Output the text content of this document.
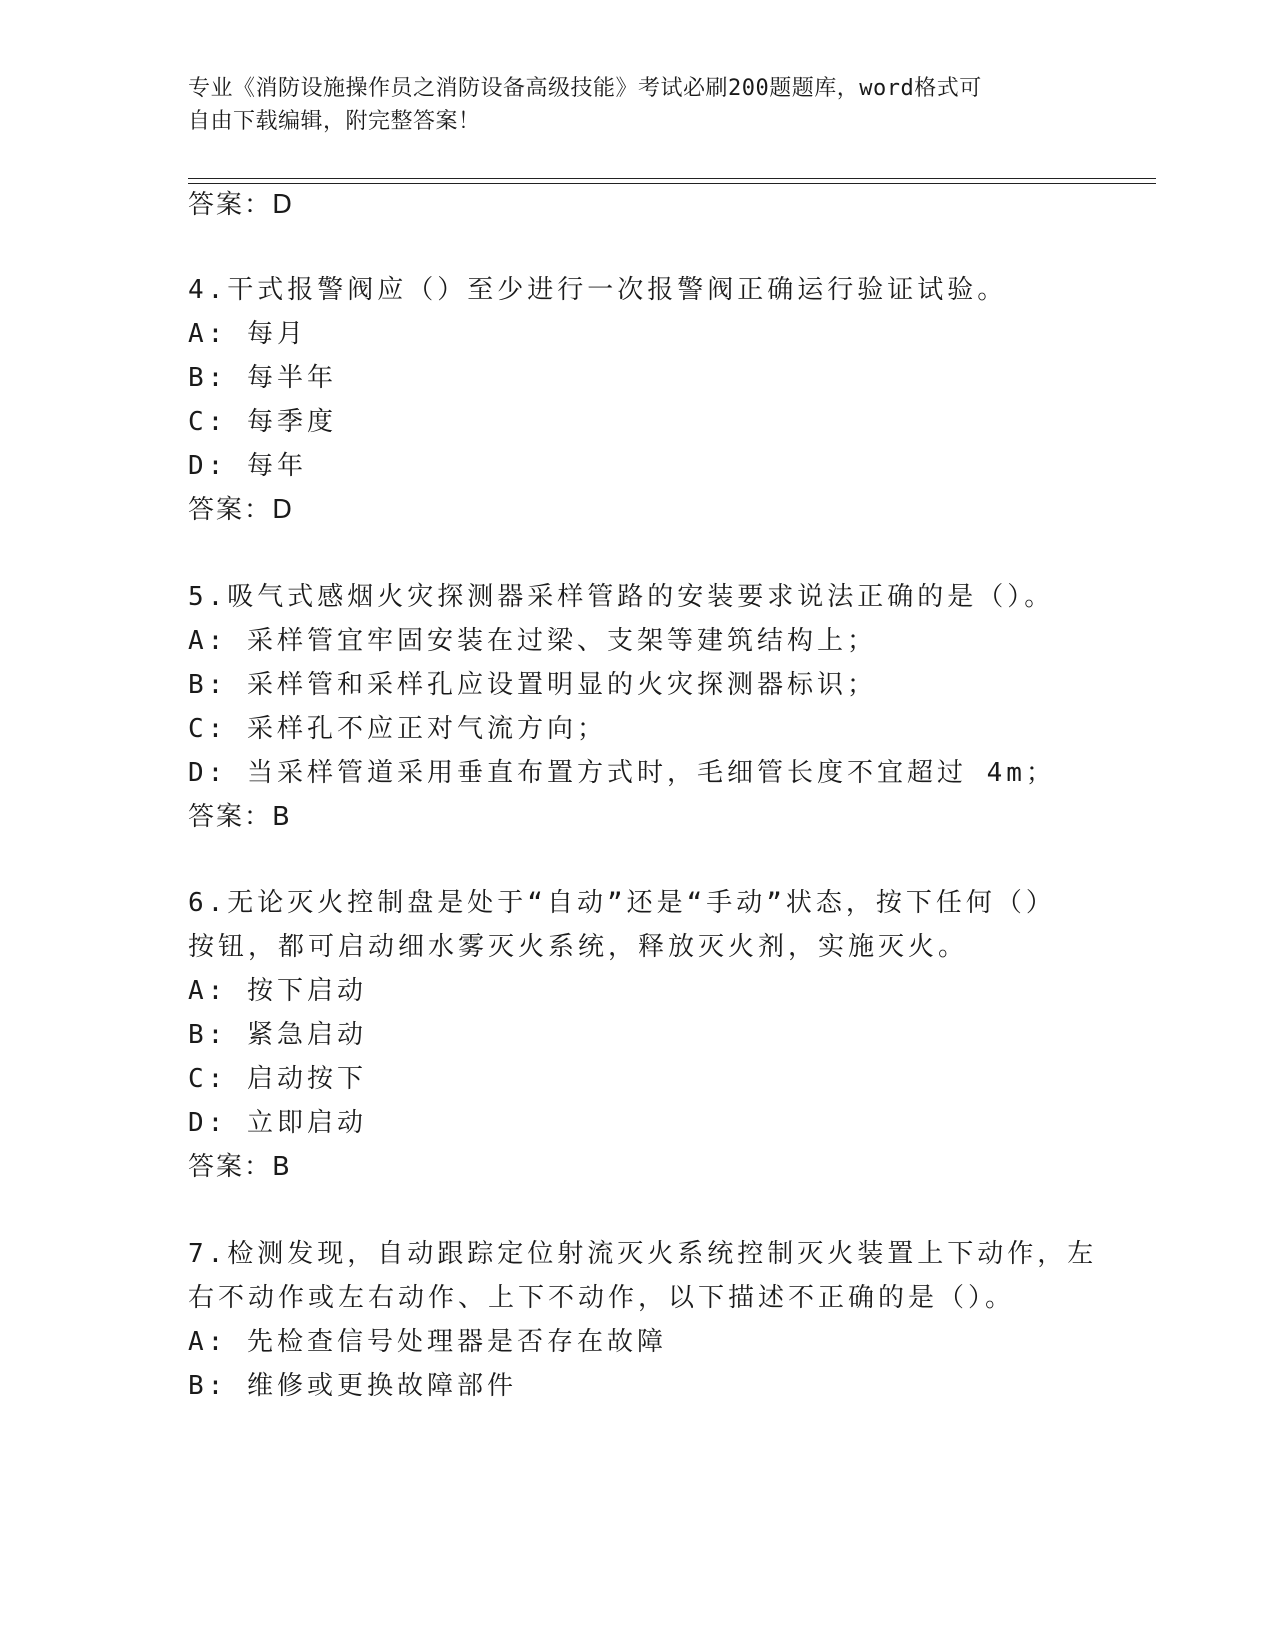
专业《消防设施操作员之消防设备高级技能》考试必刷200题题库，word格式可
自由下载编辑，附完整答案！
答案：D
4.干式报警阀应（）至少进行一次报警阀正确运行验证试验。
A: 每月
B: 每半年
C: 每季度
D: 每年
答案：D
5.吸气式感烟火灾探测器采样管路的安装要求说法正确的是（）。
A: 采样管宜牢固安装在过梁、支架等建筑结构上；
B: 采样管和采样孔应设置明显的火灾探测器标识；
C: 采样孔不应正对气流方向；
D: 当采样管道采用垂直布置方式时，毛细管长度不宜超过 4m；
答案：B
6.无论灭火控制盘是处于“自动”还是“手动”状态，按下任何（）
按钮，都可启动细水雾灭火系统，释放灭火剂，实施灭火。
A: 按下启动
B: 紧急启动
C: 启动按下
D: 立即启动
答案：B
7.检测发现，自动跟踪定位射流灭火系统控制灭火装置上下动作，左
右不动作或左右动作、上下不动作，以下描述不正确的是（）。
A: 先检查信号处理器是否存在故障
B: 维修或更换故障部件
